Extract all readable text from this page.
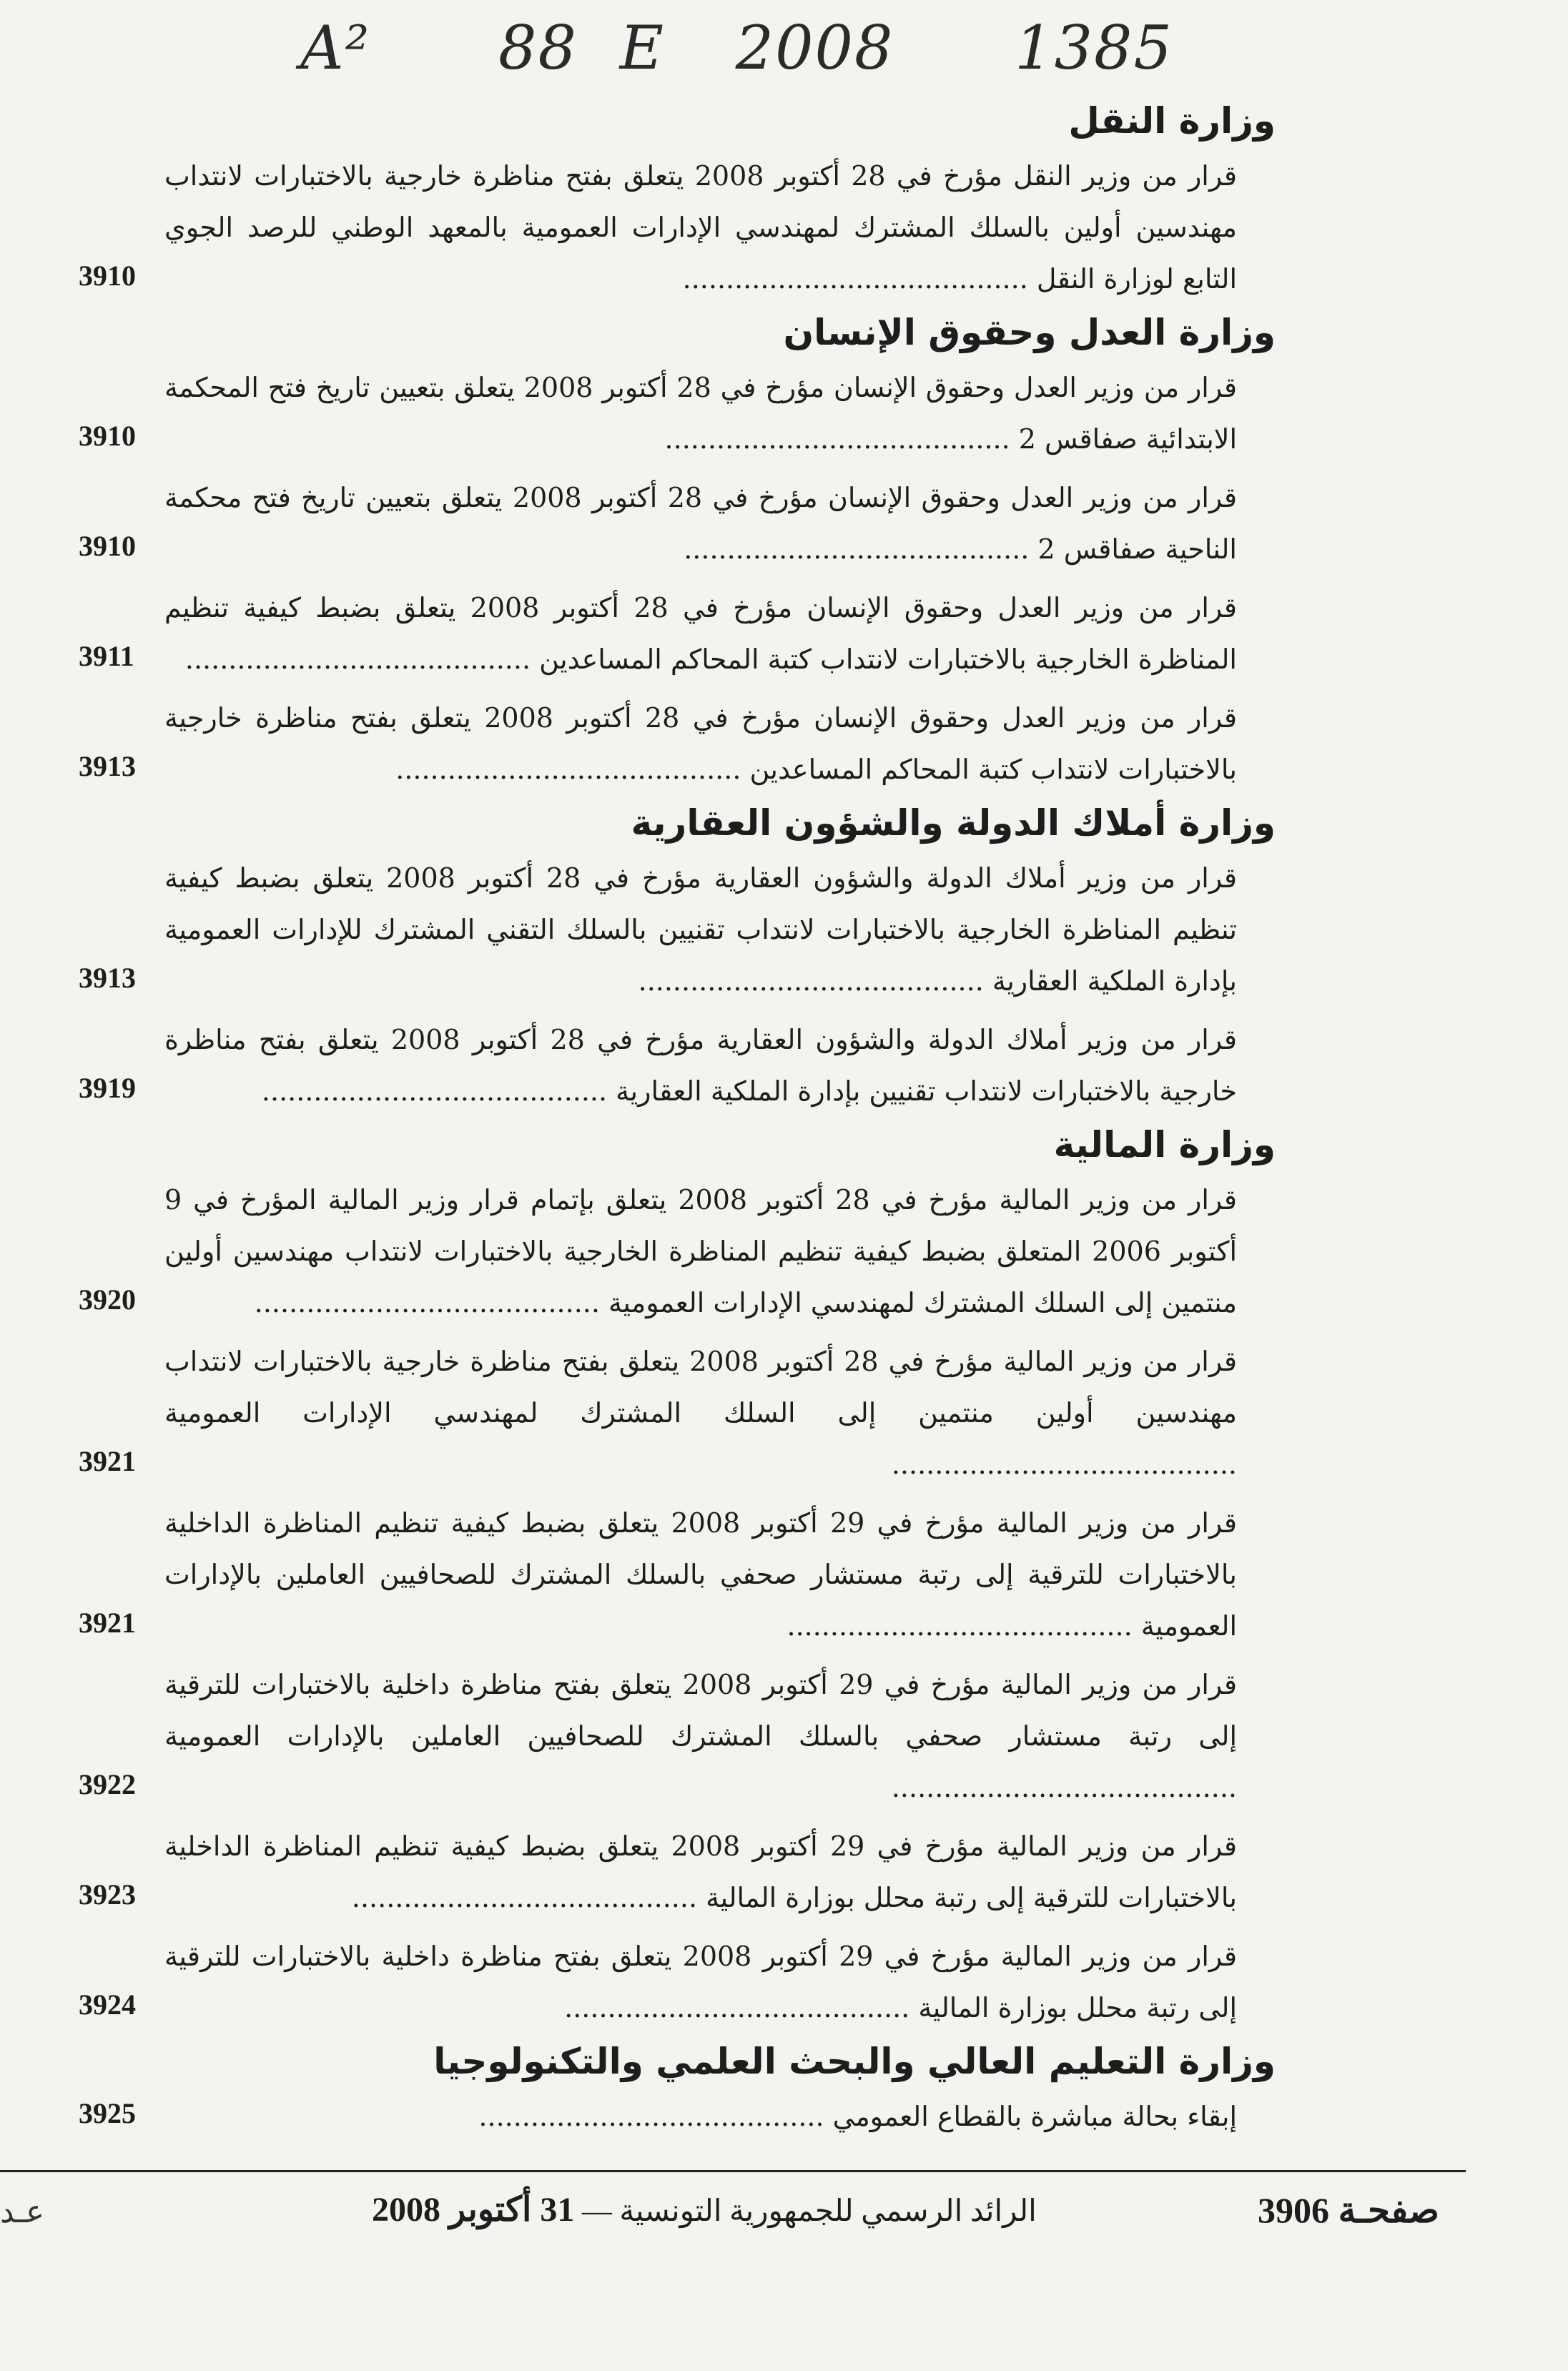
A² 88 E 2008 1385
وزارة النقل
قرار من وزير النقل مؤرخ في 28 أكتوبر 2008 يتعلق بفتح مناظرة خارجية بالاختبارات لانتداب مهندسين أولين بالسلك المشترك لمهندسي الإدارات العمومية بالمعهد الوطني للرصد الجوي التابع لوزارة النقل ........................................
3910
وزارة العدل وحقوق الإنسان
قرار من وزير العدل وحقوق الإنسان مؤرخ في 28 أكتوبر 2008 يتعلق بتعيين تاريخ فتح المحكمة الابتدائية صفاقس 2 ........................................
3910
قرار من وزير العدل وحقوق الإنسان مؤرخ في 28 أكتوبر 2008 يتعلق بتعيين تاريخ فتح محكمة الناحية صفاقس 2 ........................................
3910
قرار من وزير العدل وحقوق الإنسان مؤرخ في 28 أكتوبر 2008 يتعلق بضبط كيفية تنظيم المناظرة الخارجية بالاختبارات لانتداب كتبة المحاكم المساعدين ........................................
3911
قرار من وزير العدل وحقوق الإنسان مؤرخ في 28 أكتوبر 2008 يتعلق بفتح مناظرة خارجية بالاختبارات لانتداب كتبة المحاكم المساعدين ........................................
3913
وزارة أملاك الدولة والشؤون العقارية
قرار من وزير أملاك الدولة والشؤون العقارية مؤرخ في 28 أكتوبر 2008 يتعلق بضبط كيفية تنظيم المناظرة الخارجية بالاختبارات لانتداب تقنيين بالسلك التقني المشترك للإدارات العمومية بإدارة الملكية العقارية ........................................
3913
قرار من وزير أملاك الدولة والشؤون العقارية مؤرخ في 28 أكتوبر 2008 يتعلق بفتح مناظرة خارجية بالاختبارات لانتداب تقنيين بإدارة الملكية العقارية ........................................
3919
وزارة المالية
قرار من وزير المالية مؤرخ في 28 أكتوبر 2008 يتعلق بإتمام قرار وزير المالية المؤرخ في 9 أكتوبر 2006 المتعلق بضبط كيفية تنظيم المناظرة الخارجية بالاختبارات لانتداب مهندسين أولين منتمين إلى السلك المشترك لمهندسي الإدارات العمومية ........................................
3920
قرار من وزير المالية مؤرخ في 28 أكتوبر 2008 يتعلق بفتح مناظرة خارجية بالاختبارات لانتداب مهندسين أولين منتمين إلى السلك المشترك لمهندسي الإدارات العمومية ........................................
3921
قرار من وزير المالية مؤرخ في 29 أكتوبر 2008 يتعلق بضبط كيفية تنظيم المناظرة الداخلية بالاختبارات للترقية إلى رتبة مستشار صحفي بالسلك المشترك للصحافيين العاملين بالإدارات العمومية ........................................
3921
قرار من وزير المالية مؤرخ في 29 أكتوبر 2008 يتعلق بفتح مناظرة داخلية بالاختبارات للترقية إلى رتبة مستشار صحفي بالسلك المشترك للصحافيين العاملين بالإدارات العمومية ........................................
3922
قرار من وزير المالية مؤرخ في 29 أكتوبر 2008 يتعلق بضبط كيفية تنظيم المناظرة الداخلية بالاختبارات للترقية إلى رتبة محلل بوزارة المالية ........................................
3923
قرار من وزير المالية مؤرخ في 29 أكتوبر 2008 يتعلق بفتح مناظرة داخلية بالاختبارات للترقية إلى رتبة محلل بوزارة المالية ........................................
3924
وزارة التعليم العالي والبحث العلمي والتكنولوجيا
إبقاء بحالة مباشرة بالقطاع العمومي ........................................
3925
صفحـة 3906
الرائد الرسمي للجمهورية التونسية — 31 أكتوبر 2008
عـد
